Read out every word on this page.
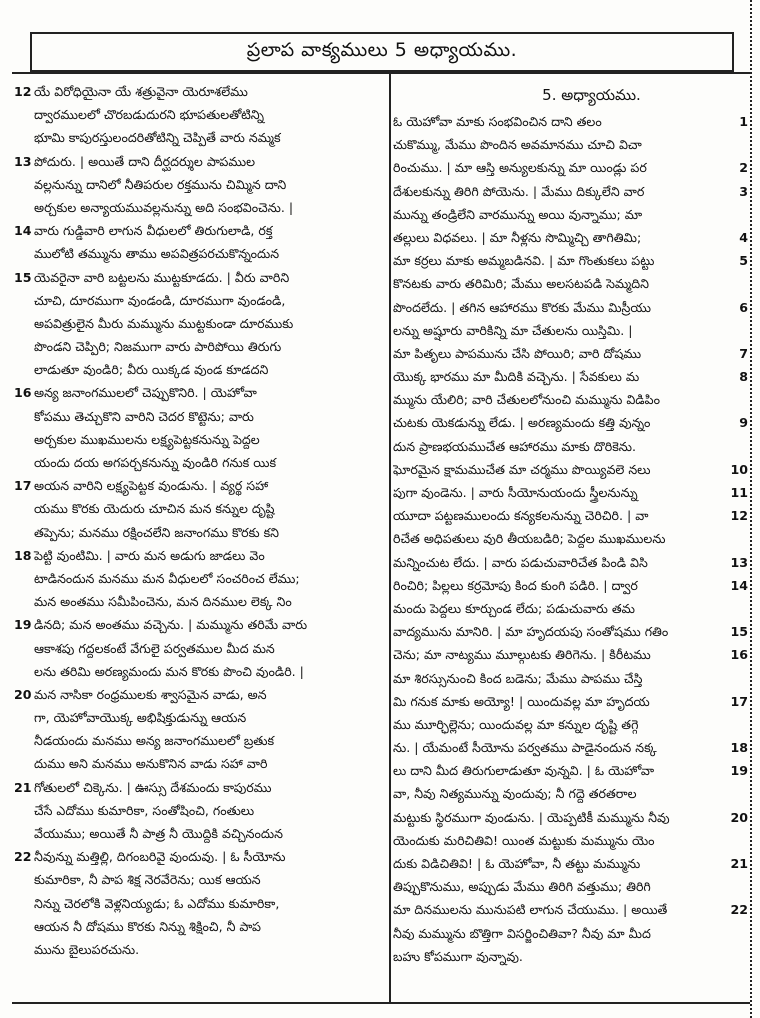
ప్రలాప వాక్యములు 5 అధ్యాయము.
12 యే విరోధియైనా యే శత్రువైనా యెరూశలేము
ద్వారములలో చొరబడుదురని భూపతులతోటిన్ని
భూమి కాపురస్తులందరితోటిన్ని చెప్పితే వారు నమ్మక
13 పోదురు. | అయితే దాని దీర్ఘదర్శుల పాపముల
వల్లనున్ను దానిలో నీతిపరుల రక్తమును చిమ్మిన దాని
అర్చకుల అన్యాయమువల్లనున్ను అది సంభవించెను. |
14 వారు గుడ్డివారి లాగున వీధులలో తిరుగులాడి, రక్త
ములోటి తమ్మును తాము అపవిత్రపరచుకొన్నందున
15 యెవరైనా వారి బట్టలను ముట్టకూడదు. | వీరు వారిని
చూచి, దూరముగా వుండండి, దూరముగా వుండండి,
అపవిత్రులైన మీరు మమ్మును ముట్టకుండా దూరముకు
పొండని చెప్పిరి; నిజముగా వారు పారిపోయి తిరుగు
లాడుతూ వుండిరి; వీరు యిక్కడ వుండ కూడదని
16 అన్య జనాంగములలో చెప్పుకొనిరి. | యెహోవా
కోపము తెచ్చుకొని వారిని చెదర కొట్టెను; వారు
అర్చకుల ముఖములను లక్ష్యపెట్టకనున్ను పెద్దల
యందు దయ అగపర్చకనున్ను వుండిరి గనుక యిక
17 అయన వారిని లక్ష్యపెట్టక వుండును. | వ్యర్థ సహా
యము కొరకు యెదురు చూచిన మన కన్నుల దృష్టి
తప్పెను; మనము రక్షించలేని జనాంగము కొరకు కని
18 పెట్టి వుంటిమి. | వారు మన అడుగు జాడలు వెం
టాడినందున మనము మన వీధులలో సంచరించ లేము;
మన అంతము సమీపించెను, మన దినముల లెక్క నిం
19 డినది; మన అంతము వచ్చెను. | మమ్మును తరిమే వారు
ఆకాశపు గద్దలకంటే వేగులై పర్వతముల మీద మన
లను తరిమి అరణ్యమందు మన కొరకు పొంచి వుండిరి. |
20 మన నాసికా రంధ్రములకు శ్వాసమైన వాడు, అన
గా, యెహోవాయొక్క అభిషిక్తుడున్ను ఆయన
నీడయందు మనము అన్య జనాంగములలో బ్రతుక
దుము అని మనము అనుకొనిన వాడు సహా వారి
21 గోతులలో చిక్కెను. | ఊస్సు దేశమందు కాపురము
చేసే ఎదోము కుమారికా, సంతోషించి, గంతులు
వేయుము; అయితే నీ పాత్ర నీ యొద్దికి వచ్చినందున
22 నీవున్ను మత్తిల్లి, దిగంబరివై వుందువు. | ఓ సీయోను
కుమారికా, నీ పాప శిక్ష నెరవేరెను; యిక ఆయన
నిన్ను చెరలోకి వెళ్లనియ్యడు; ఓ ఎదోము కుమారికా,
ఆయన నీ దోషము కొరకు నిన్ను శిక్షించి, నీ పాప
మును బైలుపరచును.
5. అధ్యాయము.
1
ఓ యెహోవా మాకు సంభవించిన దాని తలం
చుకొమ్ము, మేము పొందిన అవమానము చూచి విచా
2
రించుము. | మా ఆస్తి అన్యులకున్ను మా యిండ్లు పర
3
దేశులకున్ను తిరిగి పోయెను. | మేము దిక్కులేని వార
మున్ను తండ్రిలేని వారమున్ను అయి వున్నాము; మా
4
తల్లులు విధవలు. | మా నీళ్లను సొమ్మిచ్చి తాగితిమి;
5
మా కర్రలు మాకు అమ్మబడినవి. | మా గొంతుకలు పట్టు
కొనటకు వారు తరిమిరి; మేము అలసటపడి సెమ్మదిని
6
పొందలేదు. | తగిన ఆహారము కొరకు మేము మిస్రీయు
లన్ను అష్షూరు వారికిన్ని మా చేతులను యిస్తిమి. |
7
మా పితృలు పాపమును చేసి పోయిరి; వారి దోషము
8
యొక్క భారము మా మీదికి వచ్చెను. | సేవకులు మ
మ్మును యేలిరి; వారి చేతులలోనుంచి మమ్మును విడిపిం
9
చుటకు యెకడున్ను లేడు. | అరణ్యమందు కత్తి వున్నం
దున ప్రాణభయముచేత ఆహారము మాకు దొరికెను.
10
ఘోరమైన క్షామముచేత మా చర్మము పొయ్యివలె నలు
11
పుగా వుండెను. | వారు సీయోనుయందు స్త్రీలనున్ను
12
యూదా పట్టణములందు కన్యకలనున్ను చెరిచిరి. | వా
రిచేత అధిపతులు వురి తీయబడిరి; పెద్దల ముఖములను
13
మన్నించుట లేదు. | వారు పడుచువారిచేత పిండి విసి
14
రించిరి; పిల్లలు కర్రమోపు కింద కుంగి పడిరి. | ద్వార
మందు పెద్దలు కూర్చుండ లేదు; పడుచువారు తమ
15
వాద్యమును మానిరి. | మా హృదయపు సంతోషము గతిం
16
చెను; మా నాట్యము మూల్గుటకు తిరిగెను. | కిరీటము
మా శిరస్సునుంచి కింద బడెను; మేము పాపము చేస్తి
17
మి గనుక మాకు అయ్యో! | యిందువల్ల మా హృదయ
ము మూర్ఛిల్లెను; యిందువల్ల మా కన్నుల దృష్టి తగ్గె
18
ను. | యేమంటే సీయోను పర్వతము పాడైనందున నక్క
19
లు దాని మీద తిరుగులాడుతూ వున్నవి. | ఓ యెహోవా
వా, నీవు నిత్యమున్ను వుందువు; నీ గద్దె తరతరాల
20
మట్టుకు స్థిరముగా వుండును. | యెప్పటికీ మమ్మును నీవు
యెందుకు మరిచితివి! యింత మట్టుకు మమ్మును యెం
21
దుకు విడిచితివి! | ఓ యెహోవా, నీ తట్టు మమ్మును
తిప్పుకొనుము, అప్పుడు మేము తిరిగి వత్తుము; తిరిగి
22
మా దినములను మునుపటి లాగున చేయుము. | అయితే
నీవు మమ్మును బొత్తిగా విసర్జించితివా? నీవు మా మీద
బహు కోపముగా వున్నావు.
